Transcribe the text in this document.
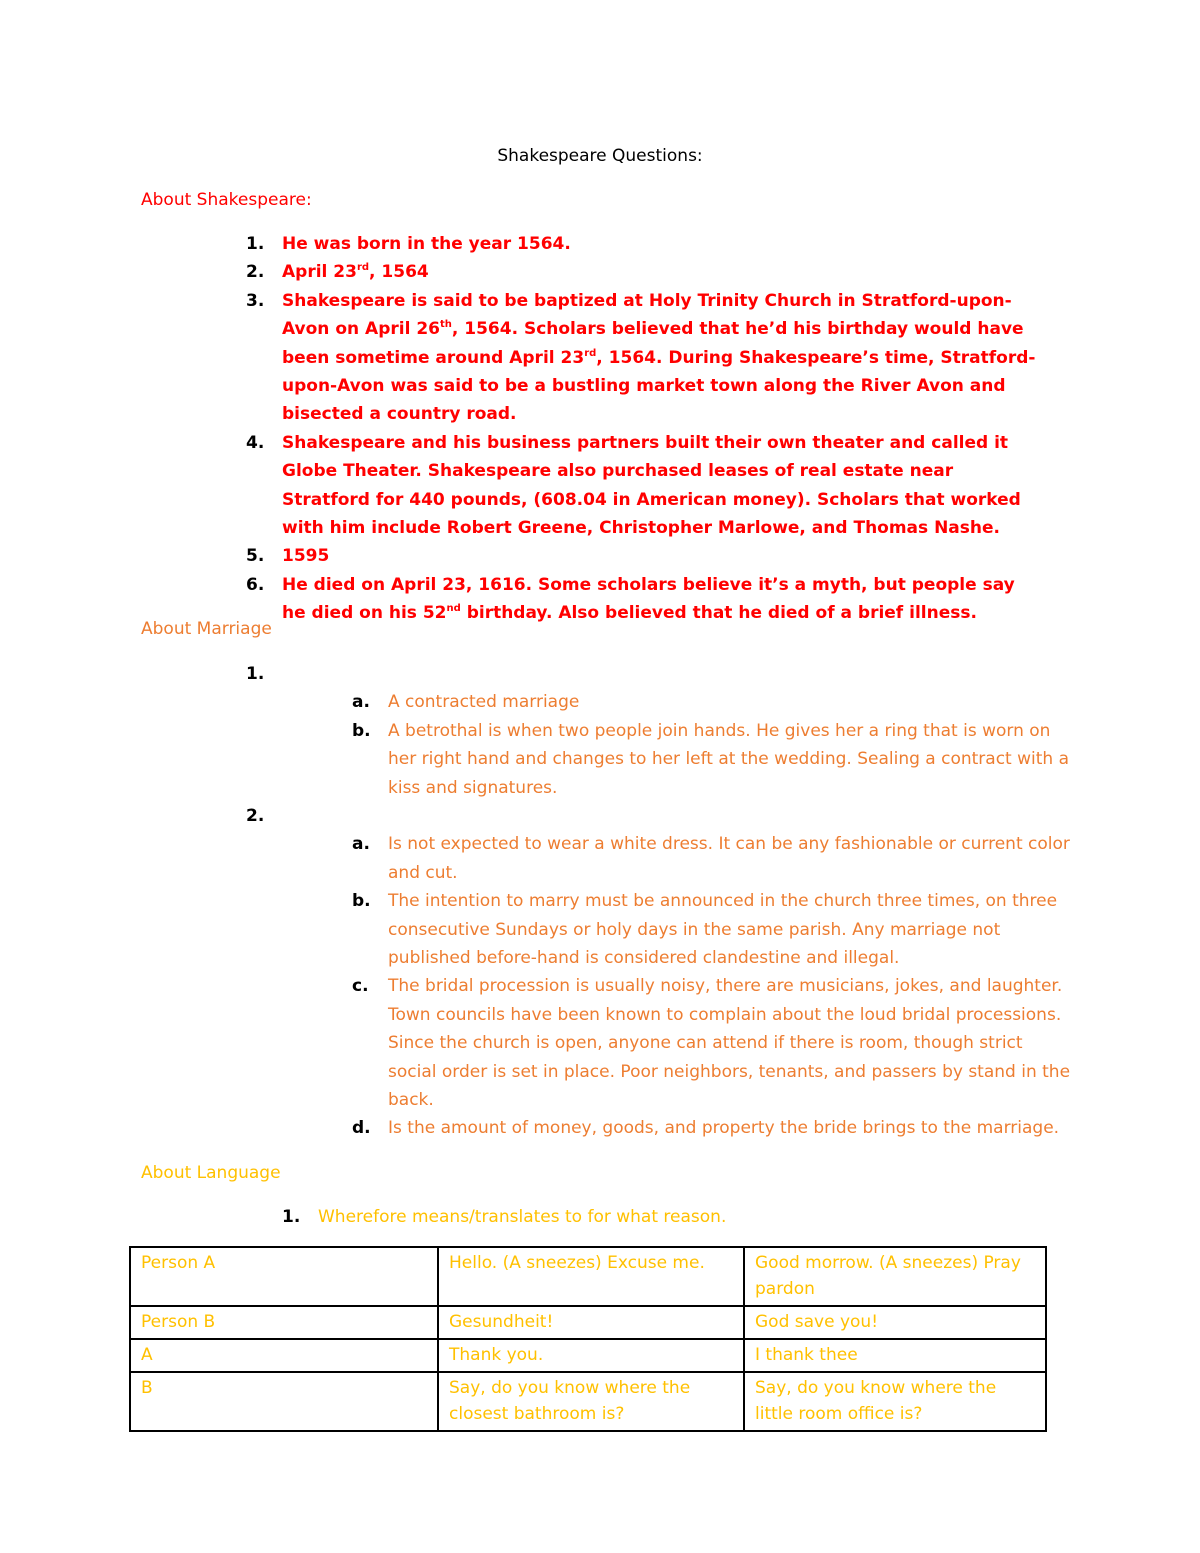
Shakespeare Questions:
About Shakespeare:
1. He was born in the year 1564.
2. April 23rd, 1564
3. Shakespeare is said to be baptized at Holy Trinity Church in Stratford-upon-Avon on April 26th, 1564. Scholars believed that he’d his birthday would have been sometime around April 23rd, 1564. During Shakespeare’s time, Stratford-upon-Avon was said to be a bustling market town along the River Avon and bisected a country road.
4. Shakespeare and his business partners built their own theater and called it Globe Theater. Shakespeare also purchased leases of real estate near Stratford for 440 pounds, (608.04 in American money). Scholars that worked with him include Robert Greene, Christopher Marlowe, and Thomas Nashe.
5. 1595
6. He died on April 23, 1616. Some scholars believe it’s a myth, but people say he died on his 52nd birthday. Also believed that he died of a brief illness.
About Marriage
1.
a. A contracted marriage
b. A betrothal is when two people join hands. He gives her a ring that is worn on her right hand and changes to her left at the wedding. Sealing a contract with a kiss and signatures.
2.
a. Is not expected to wear a white dress. It can be any fashionable or current color and cut.
b. The intention to marry must be announced in the church three times, on three consecutive Sundays or holy days in the same parish. Any marriage not published before-hand is considered clandestine and illegal.
c. The bridal procession is usually noisy, there are musicians, jokes, and laughter. Town councils have been known to complain about the loud bridal processions. Since the church is open, anyone can attend if there is room, though strict social order is set in place. Poor neighbors, tenants, and passers by stand in the back.
d. Is the amount of money, goods, and property the bride brings to the marriage.
About Language
1. Wherefore means/translates to for what reason.
Person A	Hello. (A sneezes) Excuse me.	Good morrow. (A sneezes) Pray pardon
Person B	Gesundheit!	God save you!
A	Thank you.	I thank thee
B	Say, do you know where the closest bathroom is?	Say, do you know where the little room office is?
